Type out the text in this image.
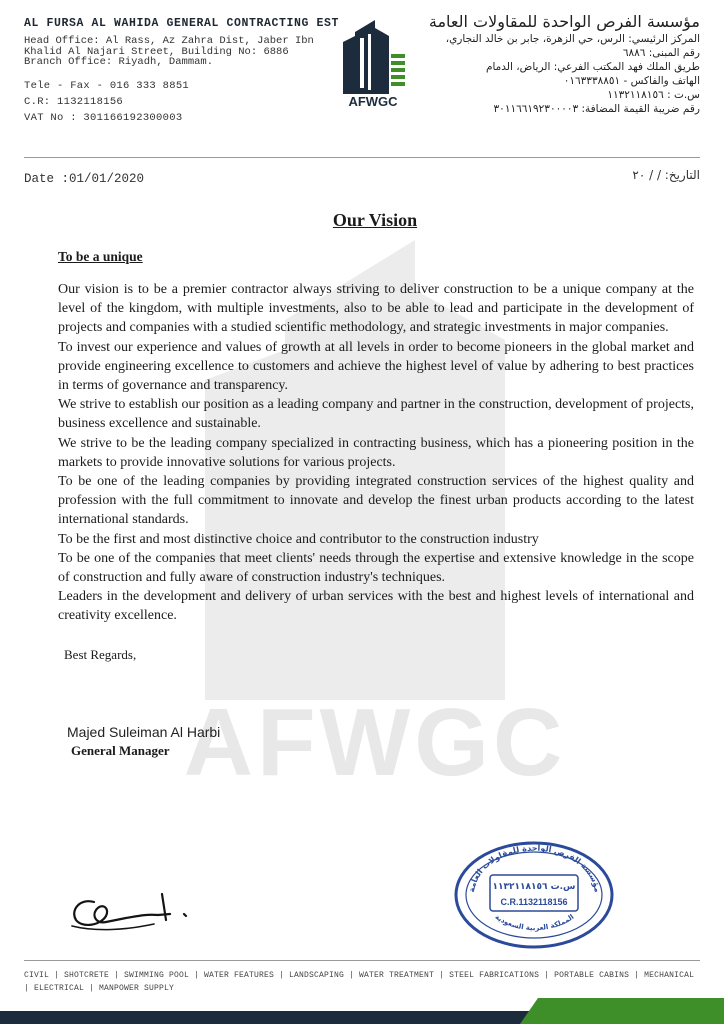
AFWGC
AL FURSA AL WAHIDA GENERAL CONTRACTING EST
Head Office: Al Rass, Az Zahra Dist, Jaber Ibn Khalid Al Najari Street, Building No: 6886 Branch Office: Riyadh, Dammam.
Tele - Fax - 016 333 8851
C.R: 1132118156
VAT No : 301166192300003
AFWGC
مؤسسة الفرص الواحدة للمقاولات العامة
المركز الرئيسي: الرس، حي الزهرة، جابر بن خالد النجاري،
رقم المبنى: ٦٨٨٦
طريق الملك فهد المكتب الفرعي: الرياض، الدمام
الهاتف والفاكس - ٠١٦٣٣٣٨٨٥١
س.ت : ١١٣٢١١٨١٥٦
رقم ضريبة القيمة المضافة: ٣٠١١٦٦١٩٢٣٠٠٠٠٣
Date :01/01/2020	التاريخ: / / ٢٠
Our Vision
To be a unique

Our vision is to be a premier contractor always striving to deliver construction to be a unique company at the level of the kingdom, with multiple investments, also to be able to lead and participate in the development of projects and companies with a studied scientific methodology, and strategic investments in major companies.

To invest our experience and values of growth at all levels in order to become pioneers in the global market and provide engineering excellence to customers and achieve the highest level of value by adhering to best practices in terms of governance and transparency.

We strive to establish our position as a leading company and partner in the construction, development of projects, business excellence and sustainable.

We strive to be the leading company specialized in contracting business, which has a pioneering position in the markets to provide innovative solutions for various projects.

To be one of the leading companies by providing integrated construction services of the highest quality and profession with the full commitment to innovate and develop the finest urban products according to the latest international standards.

To be the first and most distinctive choice and contributor to the construction industry

To be one of the companies that meet clients' needs through the expertise and extensive knowledge in the scope of construction and fully aware of construction industry's techniques.

Leaders in the development and delivery of urban services with the best and highest levels of international and creativity excellence.

Best Regards,
Majed Suleiman Al Harbi
General Manager
مؤسسة الفرص الواحدة للمقاولات العامة
المملكة العربية السعودية
س.ت ١١٣٢١١٨١٥٦
C.R.1132118156
CIVIL | SHOTCRETE | SWIMMING POOL | WATER FEATURES | LANDSCAPING | WATER TREATMENT | STEEL FABRICATIONS | PORTABLE CABINS | MECHANICAL | ELECTRICAL | MANPOWER SUPPLY
